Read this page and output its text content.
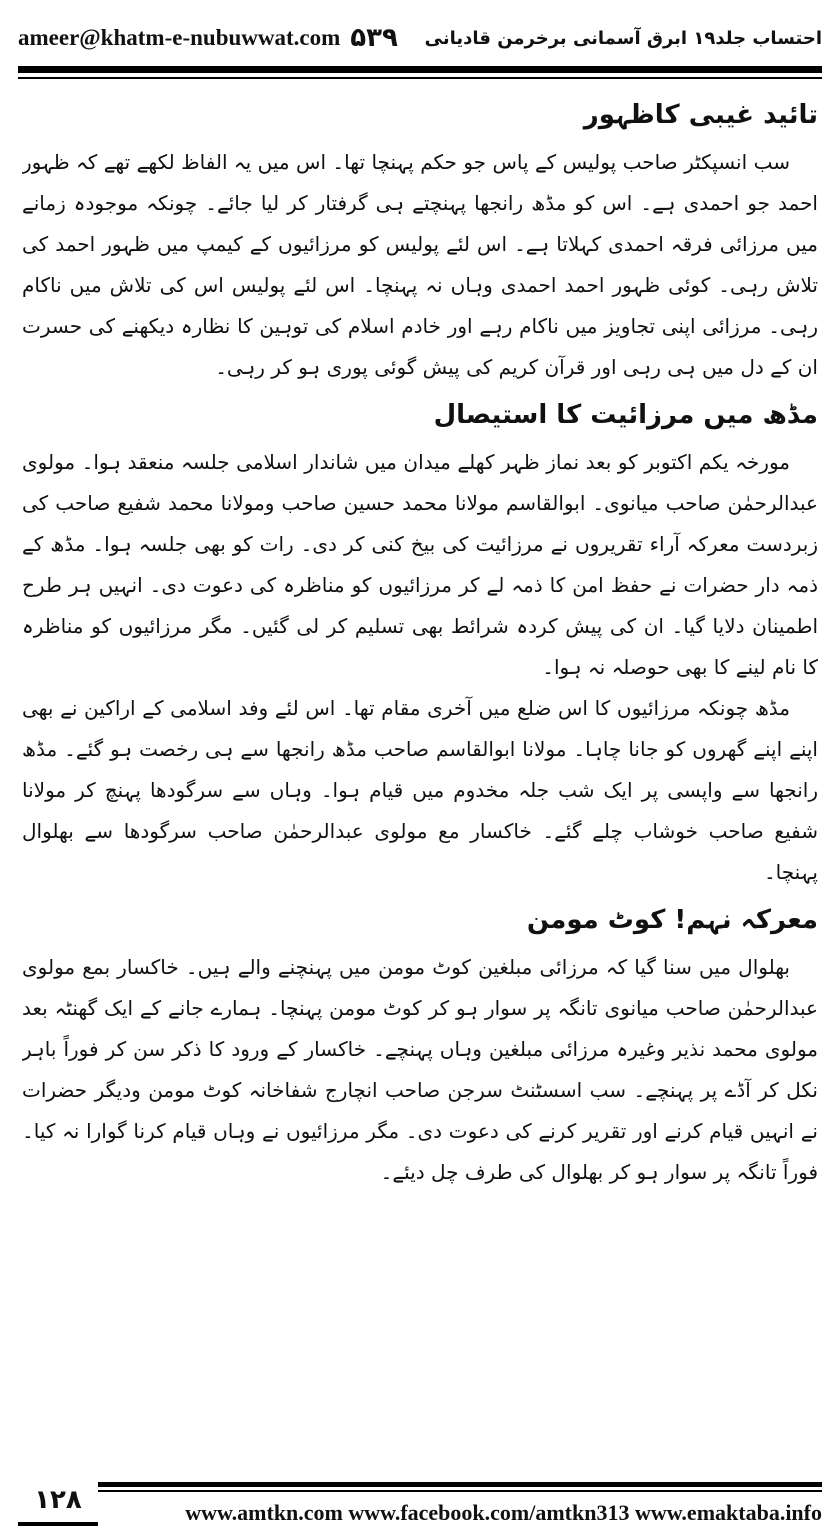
ameer@khatm-e-nubuwwat.com ۵۳۹ احتساب جلد۱۹ ابرق آسمانی برخرمن قادیانی
تائید غیبی کاظہور

سب انسپکٹر صاحب پولیس کے پاس جو حکم پہنچا تھا۔ اس میں یہ الفاظ لکھے تھے کہ ظہور احمد جو احمدی ہے۔ اس کو مڈھ رانجھا پہنچتے ہی گرفتار کر لیا جائے۔ چونکہ موجودہ زمانے میں مرزائی فرقہ احمدی کہلاتا ہے۔ اس لئے پولیس کو مرزائیوں کے کیمپ میں ظہور احمد کی تلاش رہی۔ کوئی ظہور احمد احمدی وہاں نہ پہنچا۔ اس لئے پولیس اس کی تلاش میں ناکام رہی۔ مرزائی اپنی تجاویز میں ناکام رہے اور خادم اسلام کی توہین کا نظارہ دیکھنے کی حسرت ان کے دل میں ہی رہی اور قرآن کریم کی پیش گوئی پوری ہو کر رہی۔

مڈھ میں مرزائیت کا استیصال

مورخہ یکم اکتوبر کو بعد نماز ظہر کھلے میدان میں شاندار اسلامی جلسہ منعقد ہوا۔ مولوی عبدالرحمٰن صاحب میانوی۔ ابوالقاسم مولانا محمد حسین صاحب ومولانا محمد شفیع صاحب کی زبردست معرکہ آراء تقریروں نے مرزائیت کی بیخ کنی کر دی۔ رات کو بھی جلسہ ہوا۔ مڈھ کے ذمہ دار حضرات نے حفظ امن کا ذمہ لے کر مرزائیوں کو مناظرہ کی دعوت دی۔ انہیں ہر طرح اطمینان دلایا گیا۔ ان کی پیش کردہ شرائط بھی تسلیم کر لی گئیں۔ مگر مرزائیوں کو مناظرہ کا نام لینے کا بھی حوصلہ نہ ہوا۔

مڈھ چونکہ مرزائیوں کا اس ضلع میں آخری مقام تھا۔ اس لئے وفد اسلامی کے اراکین نے بھی اپنے اپنے گھروں کو جانا چاہا۔ مولانا ابوالقاسم صاحب مڈھ رانجھا سے ہی رخصت ہو گئے۔ مڈھ رانجھا سے واپسی پر ایک شب جلہ مخدوم میں قیام ہوا۔ وہاں سے سرگودھا پہنچ کر مولانا شفیع صاحب خوشاب چلے گئے۔ خاکسار مع مولوی عبدالرحمٰن صاحب سرگودھا سے بھلوال پہنچا۔

معرکہ نہم! کوٹ مومن

بھلوال میں سنا گیا کہ مرزائی مبلغین کوٹ مومن میں پہنچنے والے ہیں۔ خاکسار بمع مولوی عبدالرحمٰن صاحب میانوی تانگہ پر سوار ہو کر کوٹ مومن پہنچا۔ ہمارے جانے کے ایک گھنٹہ بعد مولوی محمد نذیر وغیرہ مرزائی مبلغین وہاں پہنچے۔ خاکسار کے ورود کا ذکر سن کر فوراً باہر نکل کر آڈے پر پہنچے۔ سب اسسٹنٹ سرجن صاحب انچارج شفاخانہ کوٹ مومن ودیگر حضرات نے انہیں قیام کرنے اور تقریر کرنے کی دعوت دی۔ مگر مرزائیوں نے وہاں قیام کرنا گوارا نہ کیا۔ فوراً تانگہ پر سوار ہو کر بھلوال کی طرف چل دیئے۔

۱۲۸	www.amtkn.com www.facebook.com/amtkn313 www.emaktaba.info
